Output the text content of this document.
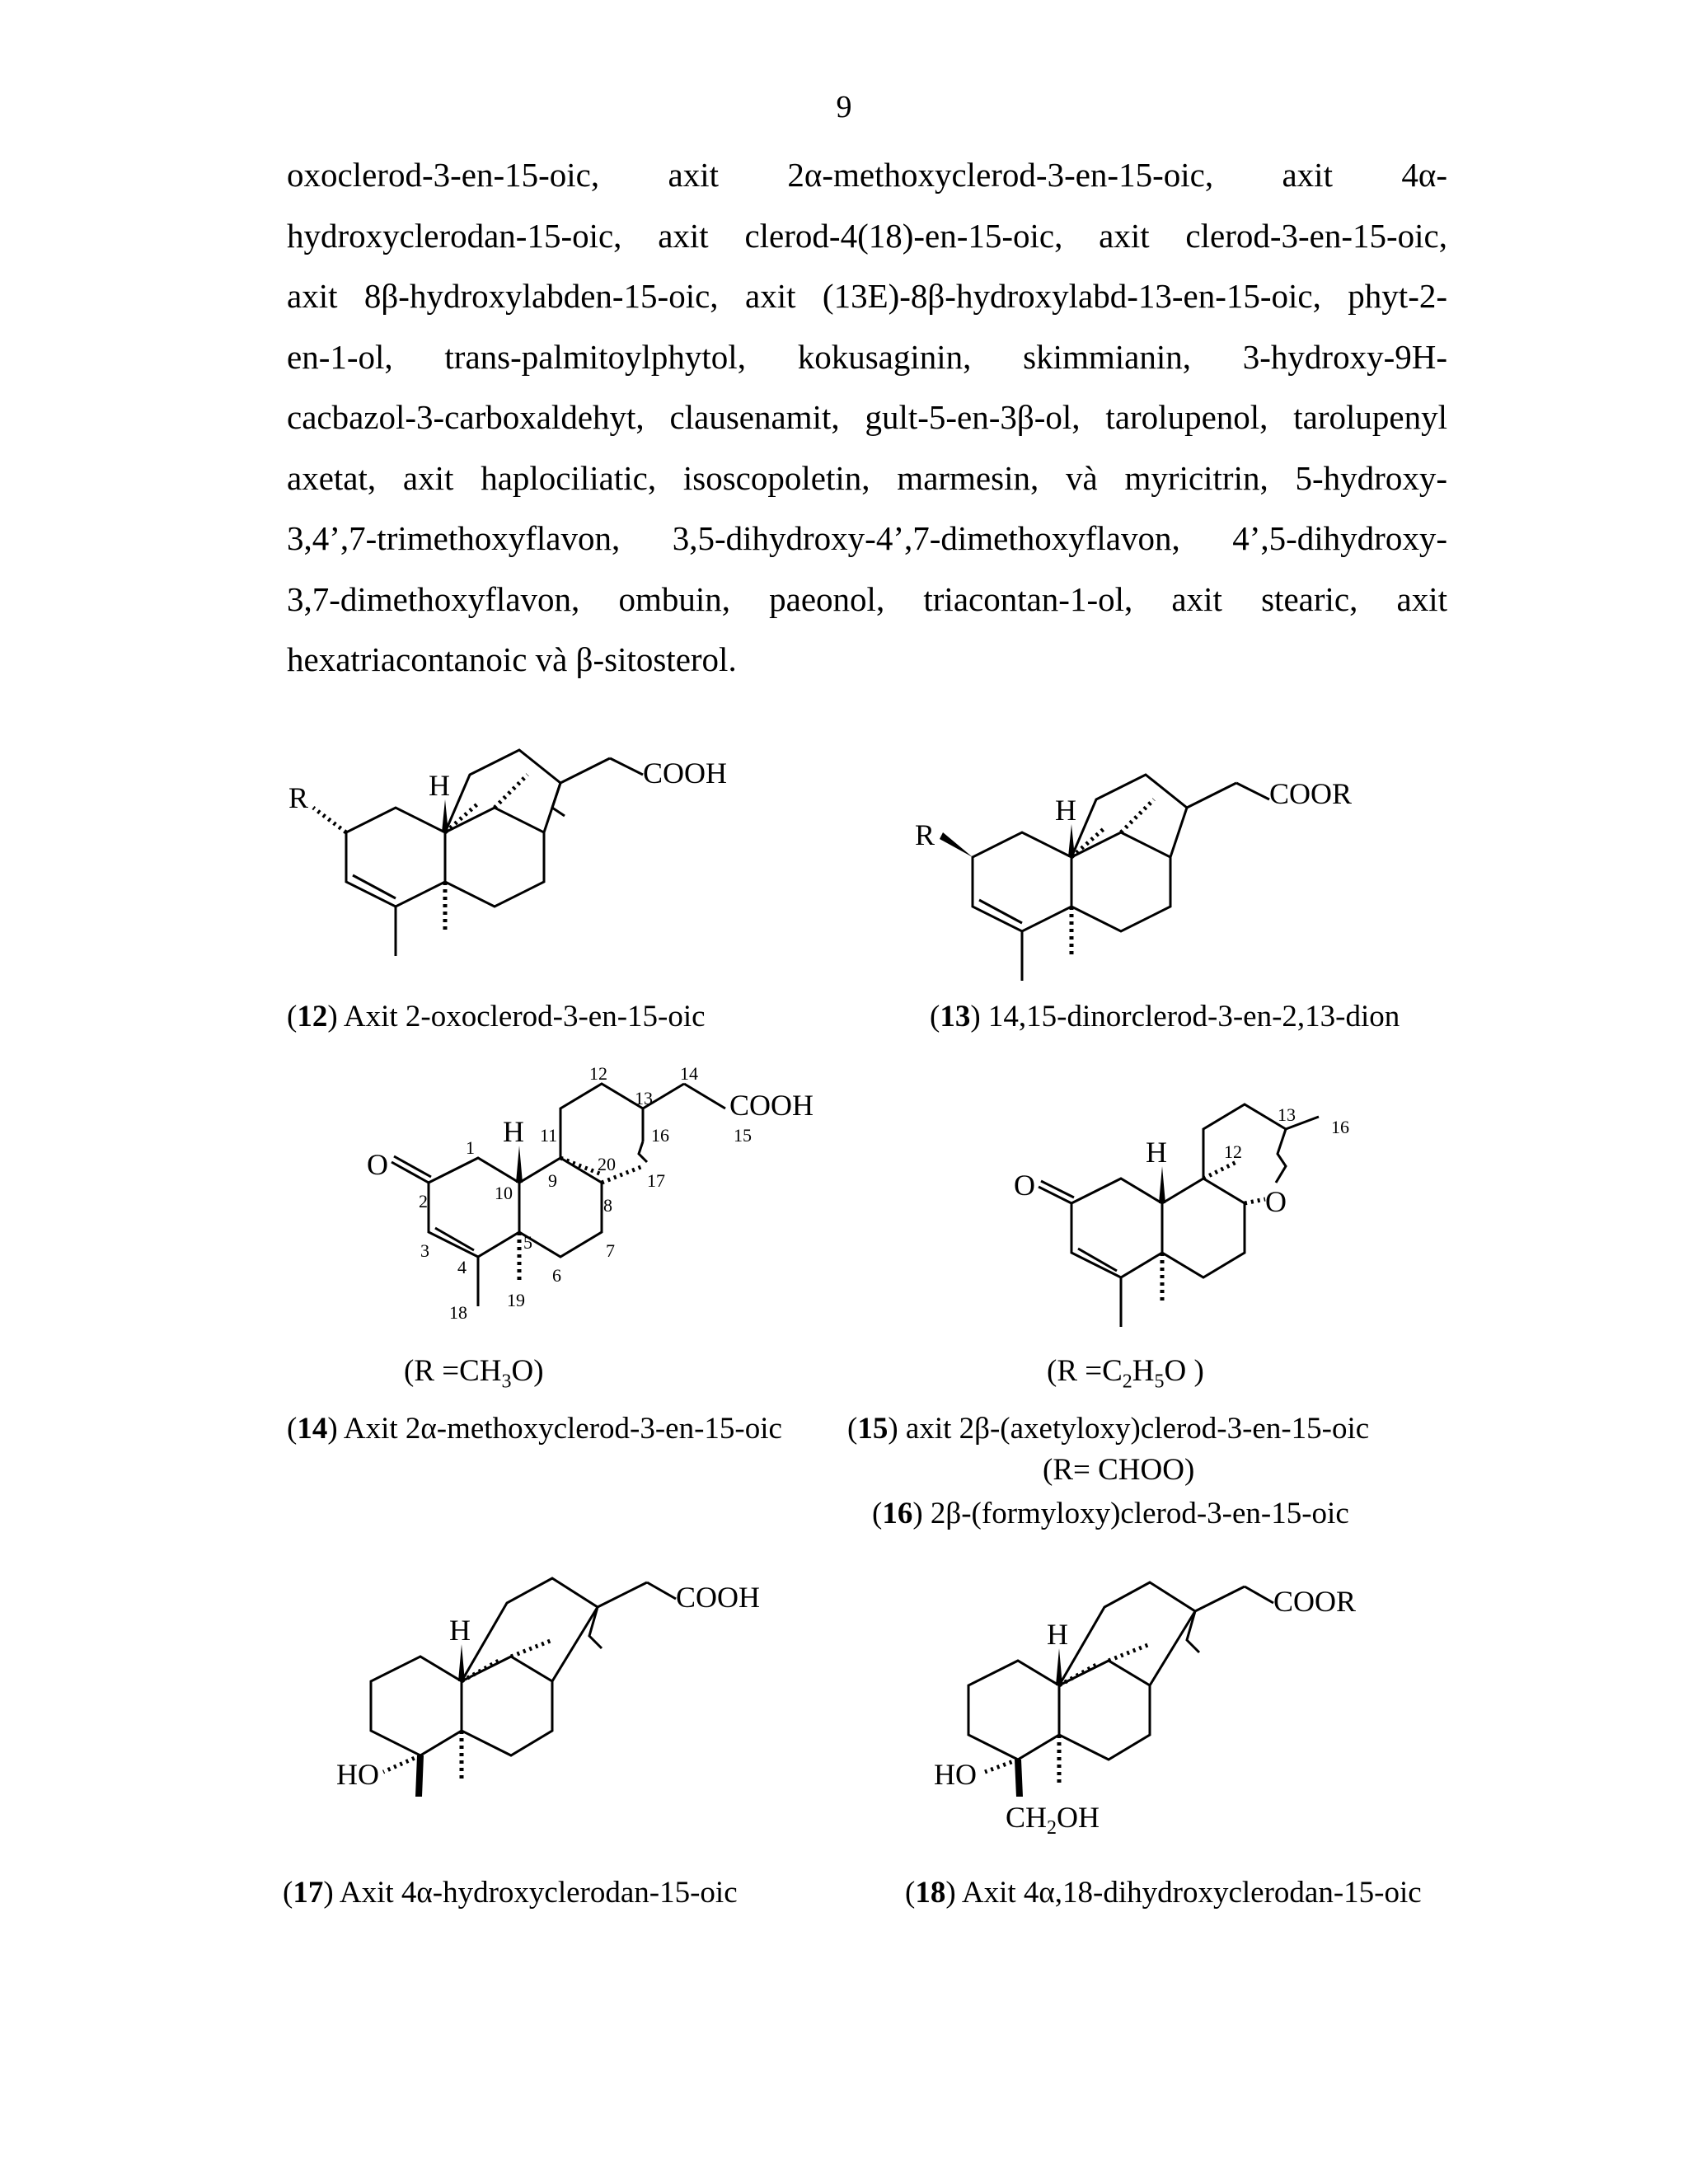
9
oxoclerod-3-en-15-oic, axit 2α-methoxyclerod-3-en-15-oic, axit 4α-
hydroxyclerodan-15-oic, axit clerod-4(18)-en-15-oic, axit clerod-3-en-15-oic,
axit 8β-hydroxylabden-15-oic, axit (13E)-8β-hydroxylabd-13-en-15-oic, phyt-2-
en-1-ol, trans-palmitoylphytol, kokusaginin, skimmianin, 3-hydroxy-9H-
cacbazol-3-carboxaldehyt, clausenamit, gult-5-en-3β-ol, tarolupenol, tarolupenyl
axetat, axit haplociliatic, isoscopoletin, marmesin, và myricitrin, 5-hydroxy-
3,4’,7-trimethoxyflavon, 3,5-dihydroxy-4’,7-dimethoxyflavon, 4’,5-dihydroxy-
3,7-dimethoxyflavon, ombuin, paeonol, triacontan-1-ol, axit stearic, axit
hexatriacontanoic và β-sitosterol.
H
R
COOH
H
R
COOR
(12) Axit 2-oxoclerod-3-en-15-oic	(13) 14,15-dinorclerod-3-en-2,13-dion
H
O
COOH
1
2
3
4
5
6
7
8
9
10
11
12
13
14
15
16
17
18
19
20	H
O	O
12
13
16
$(R =CH_3O)$	($R =C_2H_5O$ )
(14) Axit 2α-methoxyclerod-3-en-15-oic (15) axit 2β-(axetyloxy)clerod-3-en-15-oic
(R= CHOO)
(16) 2β-(formyloxy)clerod-3-en-15-oic
H
HO
COOH
H
HO
COOR
$CH_2OH$
(17) Axit 4α-hydroxyclerodan-15-oic	(18) Axit 4α,18-dihydroxyclerodan-15-oic
